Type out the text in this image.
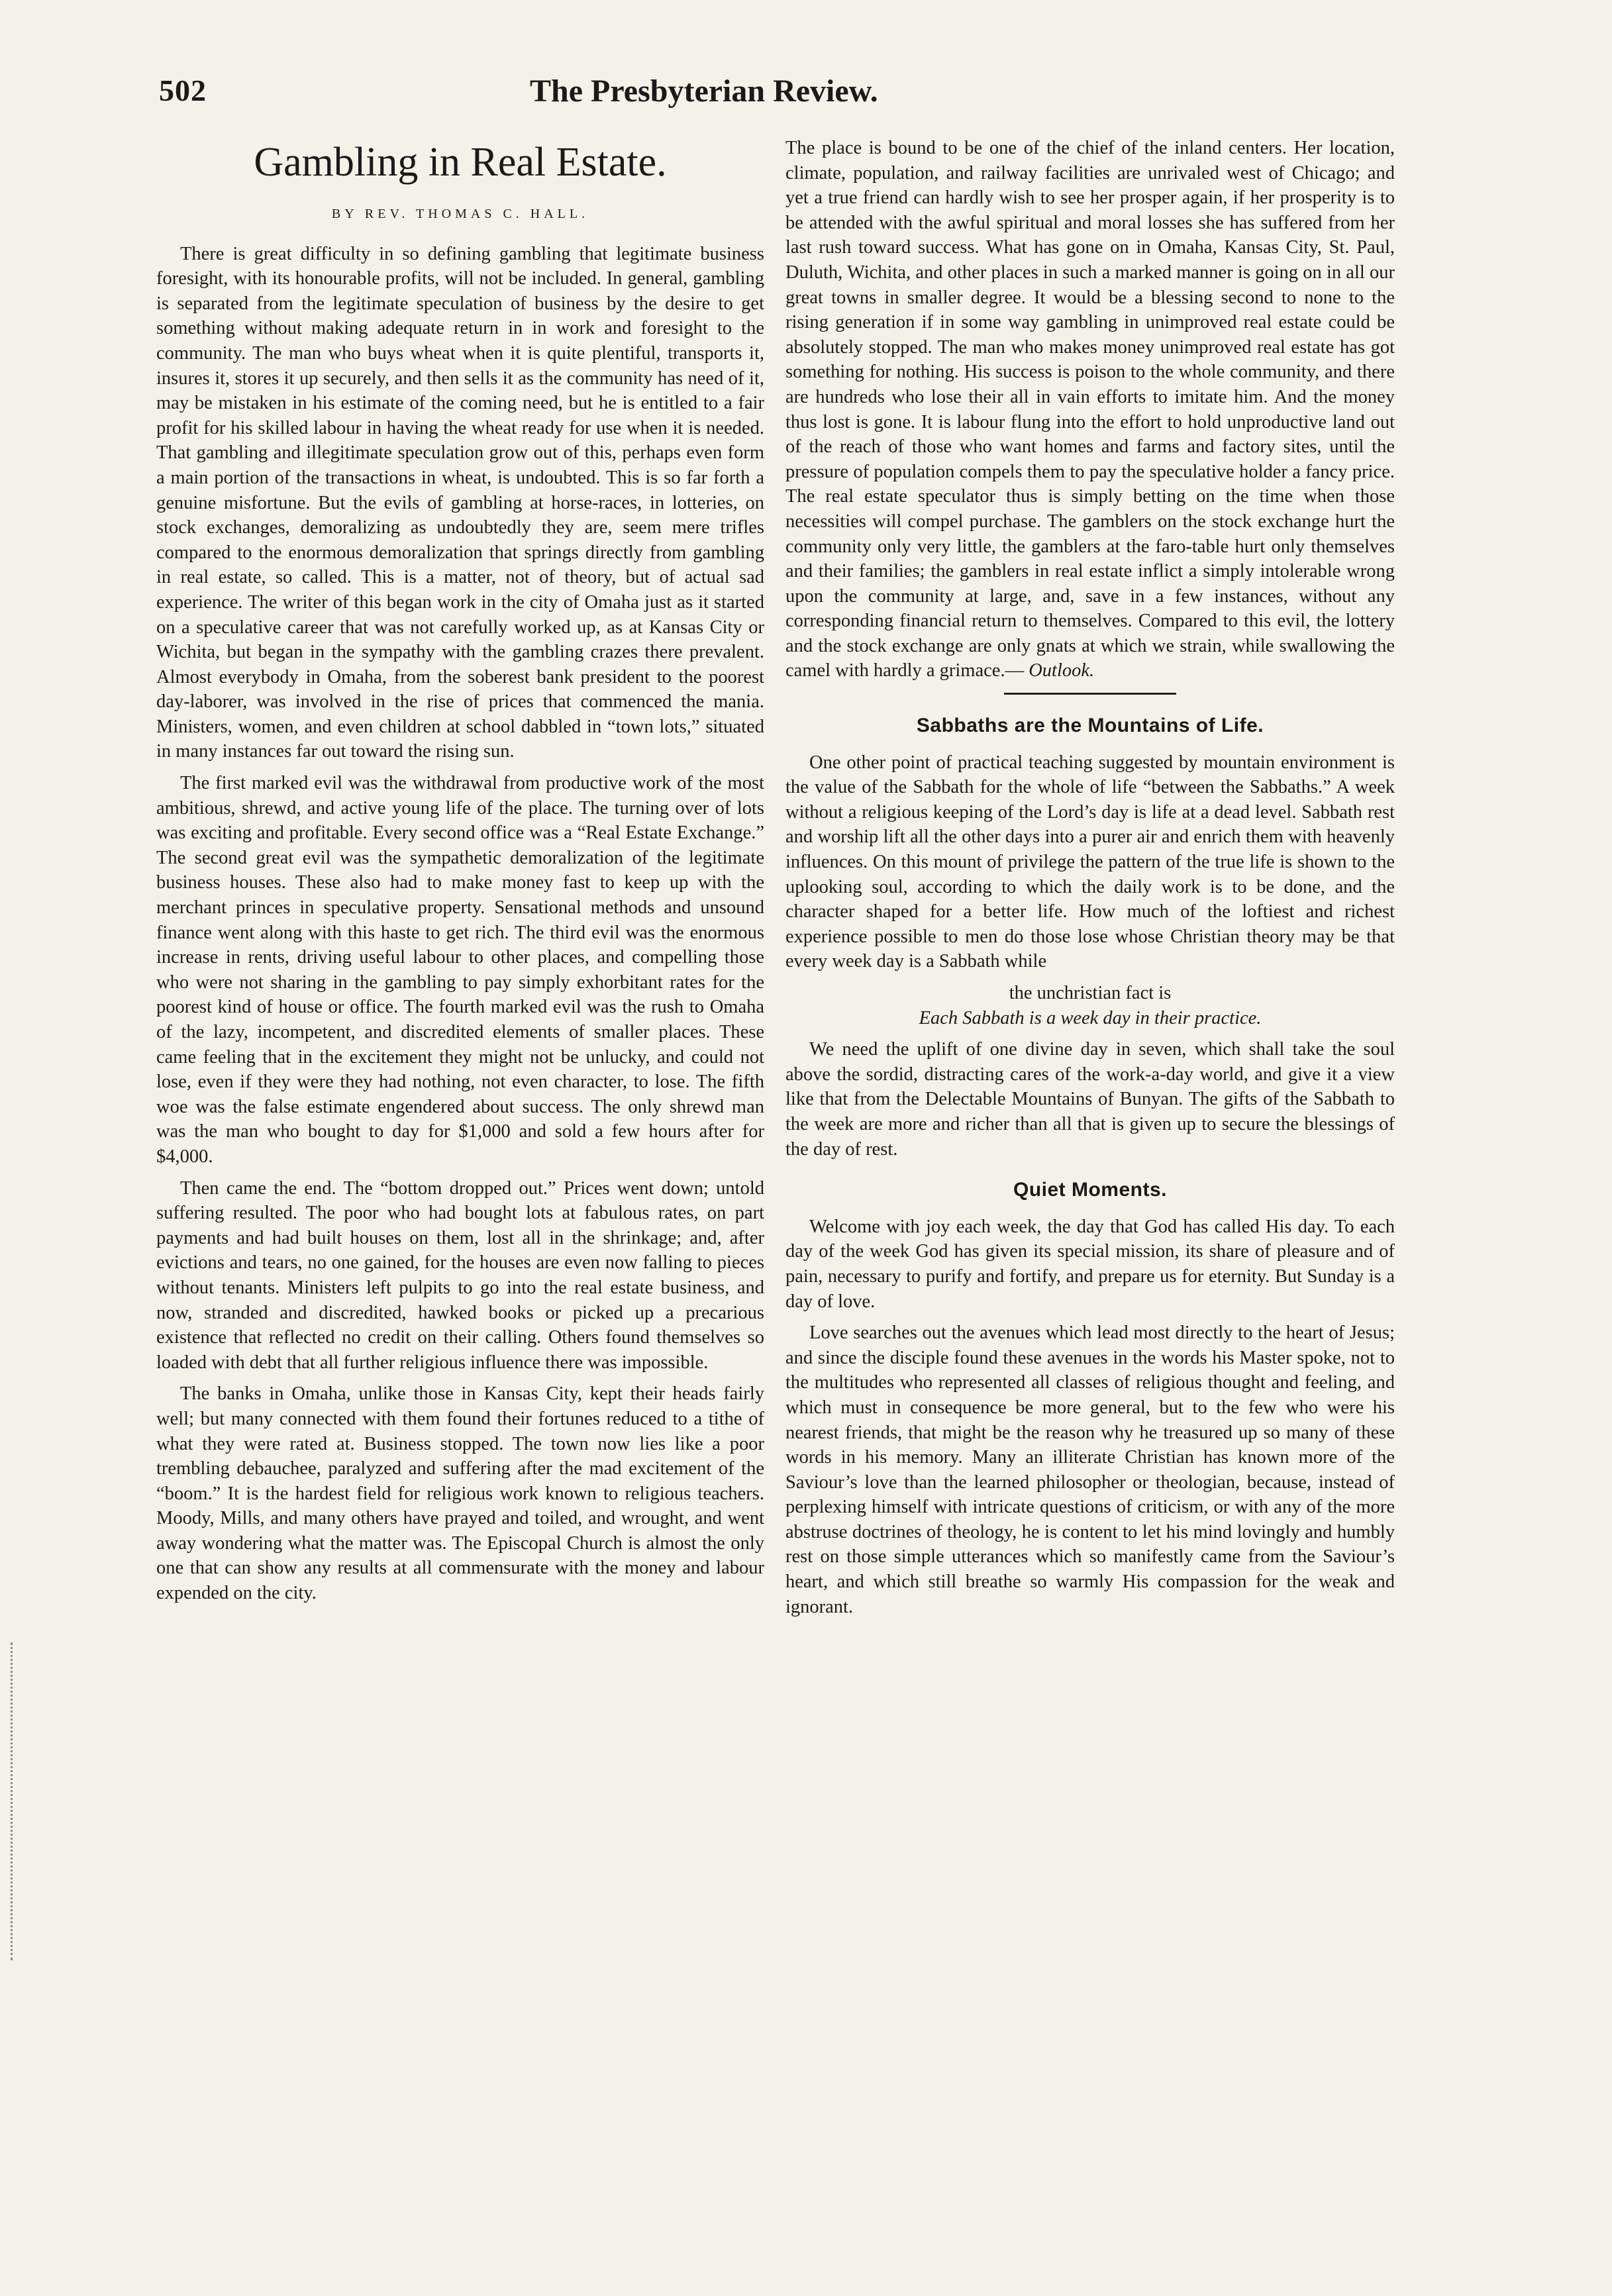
502	The Presbyterian Review.
Gambling in Real Estate.
BY REV. THOMAS C. HALL.

There is great difficulty in so defining gambling that legitimate business foresight, with its honourable profits, will not be included. In general, gambling is separated from the legitimate speculation of business by the desire to get something without making adequate return in in work and foresight to the community. The man who buys wheat when it is quite plentiful, transports it, insures it, stores it up securely, and then sells it as the community has need of it, may be mistaken in his estimate of the coming need, but he is entitled to a fair profit for his skilled labour in having the wheat ready for use when it is needed. That gambling and illegitimate speculation grow out of this, perhaps even form a main portion of the transactions in wheat, is undoubted. This is so far forth a genuine misfortune. But the evils of gambling at horse-races, in lotteries, on stock exchanges, demoralizing as undoubtedly they are, seem mere trifles compared to the enormous demoralization that springs directly from gambling in real estate, so called. This is a matter, not of theory, but of actual sad experience. The writer of this began work in the city of Omaha just as it started on a speculative career that was not carefully worked up, as at Kansas City or Wichita, but began in the sympathy with the gambling crazes there prevalent. Almost everybody in Omaha, from the soberest bank president to the poorest day-laborer, was involved in the rise of prices that commenced the mania. Ministers, women, and even children at school dabbled in “town lots,” situated in many instances far out toward the rising sun.

The first marked evil was the withdrawal from productive work of the most ambitious, shrewd, and active young life of the place. The turning over of lots was exciting and profitable. Every second office was a “Real Estate Exchange.” The second great evil was the sympathetic demoralization of the legitimate business houses. These also had to make money fast to keep up with the merchant princes in speculative property. Sensational methods and unsound finance went along with this haste to get rich. The third evil was the enormous increase in rents, driving useful labour to other places, and compelling those who were not sharing in the gambling to pay simply exhorbitant rates for the poorest kind of house or office. The fourth marked evil was the rush to Omaha of the lazy, incompetent, and discredited elements of smaller places. These came feeling that in the excitement they might not be unlucky, and could not lose, even if they were they had nothing, not even character, to lose. The fifth woe was the false estimate engendered about success. The only shrewd man was the man who bought to day for $1,000 and sold a few hours after for $4,000.

Then came the end. The “bottom dropped out.” Prices went down; untold suffering resulted. The poor who had bought lots at fabulous rates, on part payments and had built houses on them, lost all in the shrinkage; and, after evictions and tears, no one gained, for the houses are even now falling to pieces without tenants. Ministers left pulpits to go into the real estate business, and now, stranded and discredited, hawked books or picked up a precarious existence that reflected no credit on their calling. Others found themselves so loaded with debt that all further religious influence there was impossible.

The banks in Omaha, unlike those in Kansas City, kept their heads fairly well; but many connected with them found their fortunes reduced to a tithe of what they were rated at. Business stopped. The town now lies like a poor trembling debauchee, paralyzed and suffering after the mad excitement of the “boom.” It is the hardest field for religious work known to religious teachers. Moody, Mills, and many others have prayed and toiled, and wrought, and went away wondering what the matter was. The Episcopal Church is almost the only one that can show any results at all commensurate with the money and labour expended on the city.

The place is bound to be one of the chief of the inland centers. Her location, climate, population, and railway facilities are unrivaled west of Chicago; and yet a true friend can hardly wish to see her prosper again, if her prosperity is to be attended with the awful spiritual and moral losses she has suffered from her last rush toward success. What has gone on in Omaha, Kansas City, St. Paul, Duluth, Wichita, and other places in such a marked manner is going on in all our great towns in smaller degree. It would be a blessing second to none to the rising generation if in some way gambling in unimproved real estate could be absolutely stopped. The man who makes money unimproved real estate has got something for nothing. His success is poison to the whole community, and there are hundreds who lose their all in vain efforts to imitate him. And the money thus lost is gone. It is labour flung into the effort to hold unproductive land out of the reach of those who want homes and farms and factory sites, until the pressure of population compels them to pay the speculative holder a fancy price. The real estate speculator thus is simply betting on the time when those necessities will compel purchase. The gamblers on the stock exchange hurt the community only very little, the gamblers at the faro-table hurt only themselves and their families; the gamblers in real estate inflict a simply intolerable wrong upon the community at large, and, save in a few instances, without any corresponding financial return to themselves. Compared to this evil, the lottery and the stock exchange are only gnats at which we strain, while swallowing the camel with hardly a grimace.— Outlook.

Sabbaths are the Mountains of Life.

One other point of practical teaching suggested by mountain environment is the value of the Sabbath for the whole of life “between the Sabbaths.” A week without a religious keeping of the Lord’s day is life at a dead level. Sabbath rest and worship lift all the other days into a purer air and enrich them with heavenly influences. On this mount of privilege the pattern of the true life is shown to the uplooking soul, according to which the daily work is to be done, and the character shaped for a better life. How much of the loftiest and richest experience possible to men do those lose whose Christian theory may be that every week day is a Sabbath while

the unchristian fact is
Each Sabbath is a week day in their practice.

We need the uplift of one divine day in seven, which shall take the soul above the sordid, distracting cares of the work-a-day world, and give it a view like that from the Delectable Mountains of Bunyan. The gifts of the Sabbath to the week are more and richer than all that is given up to secure the blessings of the day of rest.

Quiet Moments.

Welcome with joy each week, the day that God has called His day. To each day of the week God has given its special mission, its share of pleasure and of pain, necessary to purify and fortify, and prepare us for eternity. But Sunday is a day of love.

Love searches out the avenues which lead most directly to the heart of Jesus; and since the disciple found these avenues in the words his Master spoke, not to the multitudes who represented all classes of religious thought and feeling, and which must in consequence be more general, but to the few who were his nearest friends, that might be the reason why he treasured up so many of these words in his memory. Many an illiterate Christian has known more of the Saviour’s love than the learned philosopher or theologian, because, instead of perplexing himself with intricate questions of criticism, or with any of the more abstruse doctrines of theology, he is content to let his mind lovingly and humbly rest on those simple utterances which so manifestly came from the Saviour’s heart, and which still breathe so warmly His compassion for the weak and ignorant.
